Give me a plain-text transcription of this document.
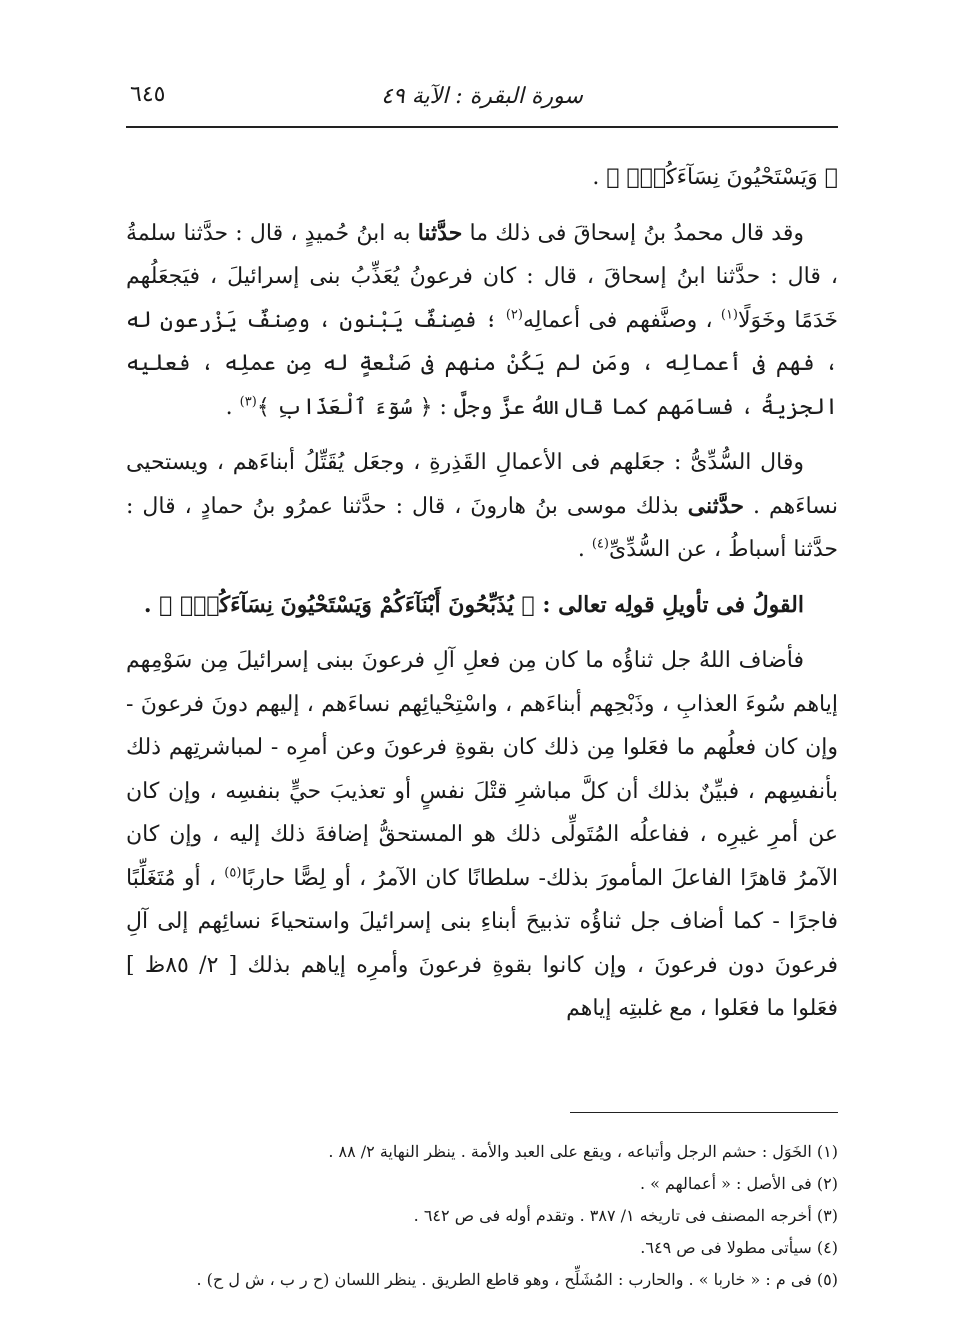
سورة البقرة : الآية ٤٩
٦٤٥

﴿ وَيَسْتَحْيُونَ نِسَآءَكُمْۚ ﴾ .

وقد قال محمدُ بنُ إسحاقَ فى ذلك ما حدَّثنا به ابنُ حُميدٍ ، قال : حدَّثنا سلمةُ ، قال : حدَّثنا ابنُ إسحاقَ ، قال : كان فرعونُ يُعَذِّبُ بنى إسرائيلَ ، فيَجعَلُهم خَدَمًا وخَوَلًا$^{(١)}$ ، وصنَّفهم فى أعمالِه$^{(٢)}$ ؛ فصِنفٌ يَبْنون ، وصِنفٌ يَزْرعون له ، فهم فى أعمالِه ، ومَن لم يَكُنْ منهم فى صَنْعةٍ له مِن عملِه ، فعليه الجزيةُ ، فسامَهم كما قال اللهُ عزَّ وجلَّ : ﴿ سُوٓءَ ٱلْعَذَابِ ﴾$^{(٣)}$ .

وقال السُّدِّىُّ : جعَلهم فى الأعمالِ القَذِرةِ ، وجعَل يُقَتِّلُ أبناءَهم ، ويستحيى نساءَهم . حدَّثنى بذلك موسى بنُ هارونَ ، قال : حدَّثنا عمرُو بنُ حمادٍ ، قال : حدَّثنا أسباطُ ، عن السُّدِّىِّ$^{(٤)}$ .

القولُ فى تأويلِ قولِه تعالى : ﴿ يُذَبِّحُونَ أَبْنَآءَكُمْ وَيَسْتَحْيُونَ نِسَآءَكُمْۚ ﴾ .

فأضاف اللهُ جل ثناؤُه ما كان مِن فعلِ آلِ فرعونَ ببنى إسرائيلَ مِن سَوْمِهم إياهم سُوءَ العذابِ ، وذَبْحِهم أبناءَهم ، واسْتِحْيائِهم نساءَهم ، إليهم دونَ فرعونَ - وإن كان فعلُهم ما فعَلوا مِن ذلك كان بقوةِ فرعونَ وعن أمرِه - لمباشرتِهم ذلك بأنفسِهم ، فبيِّنٌ بذلك أن كلَّ مباشرِ قتْلَ نفسٍ أو تعذيبَ حيٍّ بنفسِه ، وإن كان عن أمرِ غيرِه ، ففاعلُه المُتَولِّى ذلك هو المستحقُّ إضافةَ ذلك إليه ، وإن كان الآمرُ قاهرًا الفاعلَ المأمورَ بذلك- سلطانًا كان الآمرُ ، أو لِصًّا حاربًا$^{(٥)}$ ، أو مُتَغَلِّبًا فاجرًا - كما أضاف جل ثناؤُه تذبيحَ أبناءِ بنى إسرائيلَ واستحياءَ نسائِهم إلى آلِ فرعونَ دون فرعونَ ، وإن كانوا بقوةِ فرعونَ وأمرِه إياهم بذلك [ ٢/ ٨٥ظ ] فعَلوا ما فعَلوا ، مع غلبتِه إياهم

(١) الخَوَل : حشم الرجل وأتباعه ، ويقع على العبد والأمة . ينظر النهاية ٢/ ٨٨ .
(٢) فى الأصل : « أعمالهم » .
(٣) أخرجه المصنف فى تاريخه ١/ ٣٨٧ . وتقدم أوله فى ص ٦٤٢ .
(٤) سيأتى مطولا فى ص ٦٤٩.
(٥) فى م : « خاربا » . والحارب : المُشَلِّح ، وهو قاطع الطريق . ينظر اللسان (ح ر ب ، ش ل ح) .
